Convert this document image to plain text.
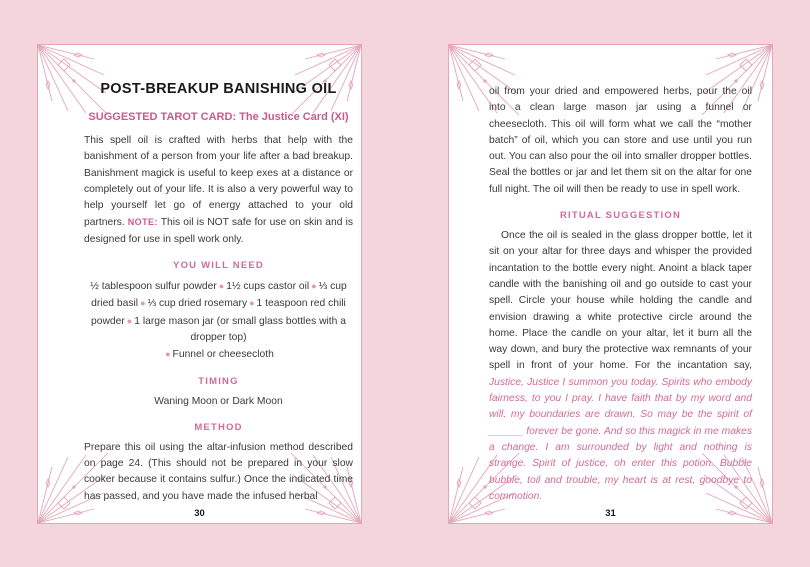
POST-BREAKUP BANISHING OIL
SUGGESTED TAROT CARD: The Justice Card (XI)

This spell oil is crafted with herbs that help with the banishment of a person from your life after a bad breakup. Banishment magick is useful to keep exes at a distance or completely out of your life. It is also a very powerful way to help yourself let go of energy attached to your old partners. NOTE: This oil is NOT safe for use on skin and is designed for use in spell work only.

YOU WILL NEED
½ tablespoon sulfur powder ● 1½ cups castor oil ● ⅓ cup dried basil ● ⅓ cup dried rosemary ● 1 teaspoon red chili powder ● 1 large mason jar (or small glass bottles with a dropper top)
● Funnel or cheesecloth
TIMING
Waning Moon or Dark Moon
METHOD

Prepare this oil using the altar-infusion method described on page 24. (This should not be prepared in your slow cooker because it contains sulfur.) Once the indicated time has passed, and you have made the infused herbal

30

oil from your dried and empowered herbs, pour the oil into a clean large mason jar using a funnel or cheesecloth. This oil will form what we call the “mother batch” of oil, which you can store and use until you run out. You can also pour the oil into smaller dropper bottles. Seal the bottles or jar and let them sit on the altar for one full night. The oil will then be ready to use in spell work.

RITUAL SUGGESTION

Once the oil is sealed in the glass dropper bottle, let it sit on your altar for three days and whisper the provided incantation to the bottle every night. Anoint a black taper candle with the banishing oil and go outside to cast your spell. Circle your house while holding the candle and envision drawing a white protective circle around the home. Place the candle on your altar, let it burn all the way down, and bury the protective wax remnants of your spell in front of your home. For the incantation say, Justice, Justice I summon you today. Spirits who embody fairness, to you I pray. I have faith that by my word and will, my boundaries are drawn. So may be the spirit of ______ forever be gone. And so this magick in me makes a change. I am surrounded by light and nothing is strange. Spirit of justice, oh enter this potion. Bubble bubble, toil and trouble, my heart is at rest, goodbye to commotion.

31
